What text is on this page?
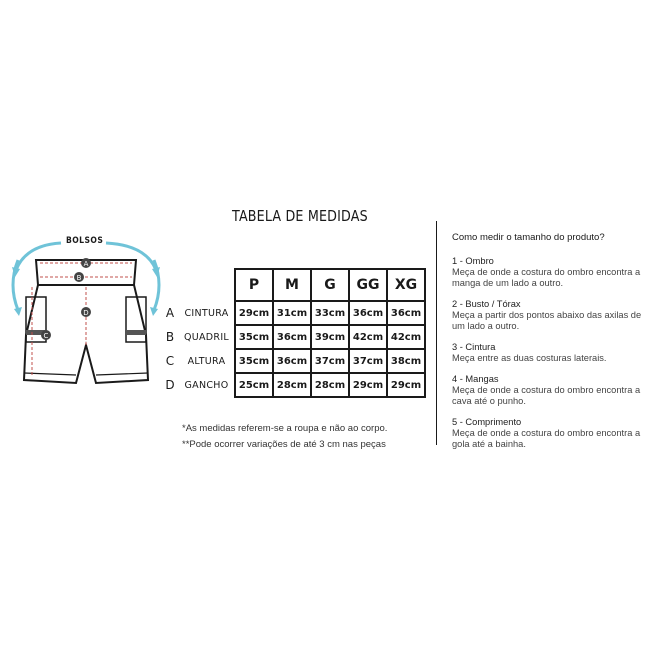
TABELA DE MEDIDAS
A
B
C
D
BOLSOS
		P	M	G	GG	XG
A	CINTURA	29cm	31cm	33cm	36cm	36cm
B	QUADRIL	35cm	36cm	39cm	42cm	42cm
C	ALTURA	35cm	36cm	37cm	37cm	38cm
D	GANCHO	25cm	28cm	28cm	29cm	29cm
*As medidas referem-se a roupa e não ao corpo.
**Pode ocorrer variações de até 3 cm nas peças
Como medir o tamanho do produto?
1 - Ombro
Meça de onde a costura do ombro encontra a manga de um lado a outro.
2 - Busto / Tórax
Meça a partir dos pontos abaixo das axilas de um lado a outro.
3 - Cintura
Meça entre as duas costuras laterais.
4 - Mangas
Meça de onde a costura do ombro encontra a cava até o punho.
5 - Comprimento
Meça de onde a costura do ombro encontra a gola até a bainha.
